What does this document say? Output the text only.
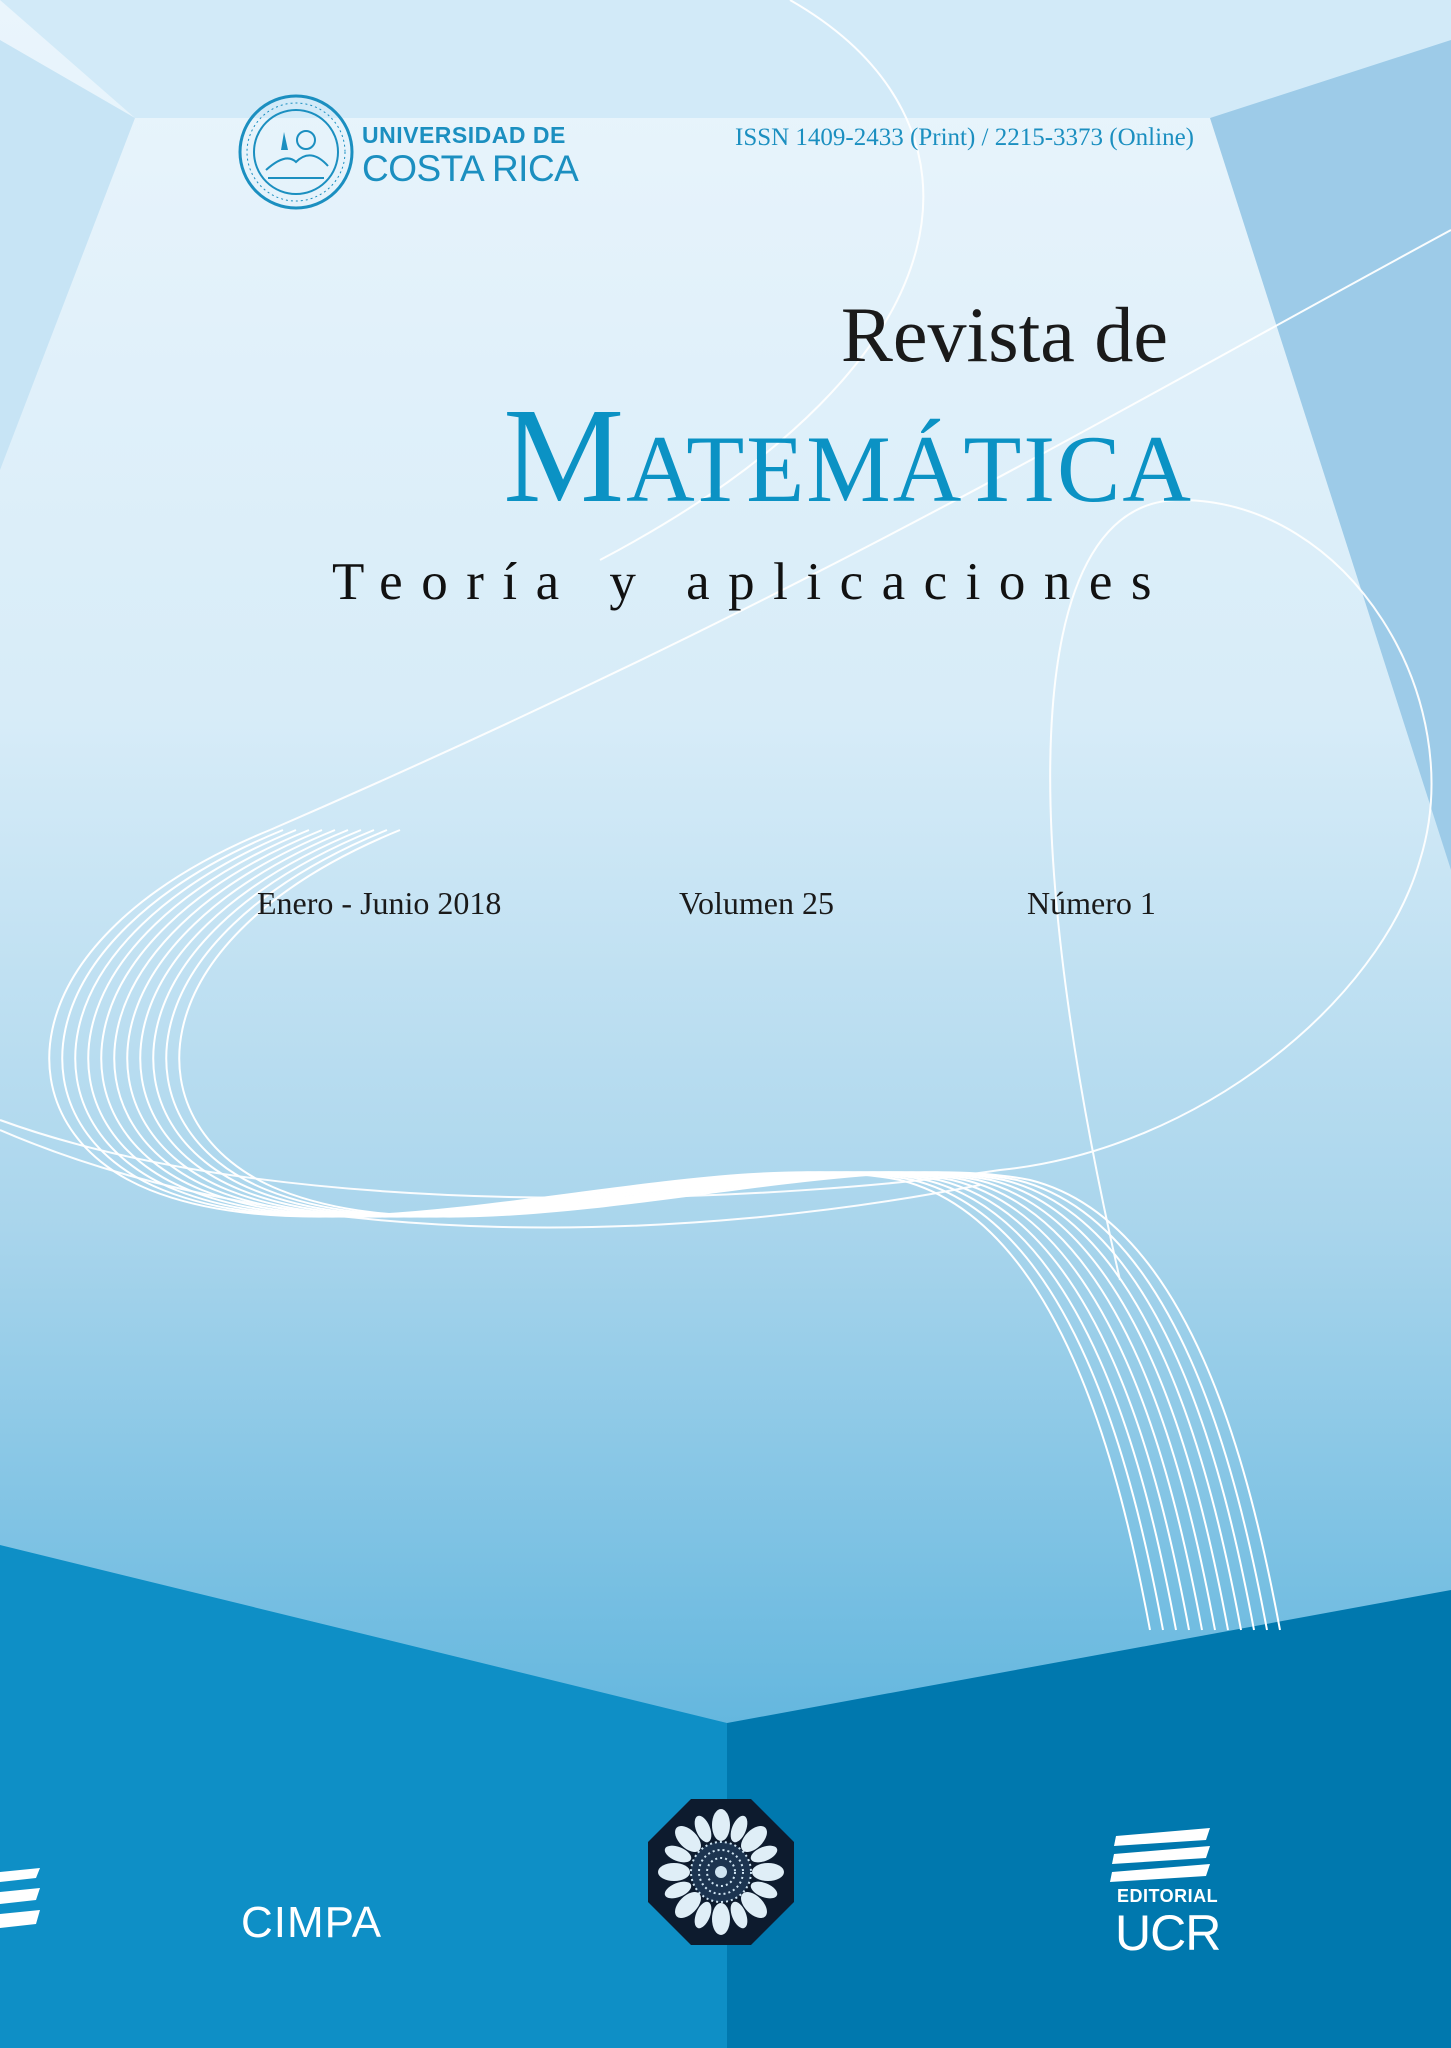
UNIVERSIDAD DE
COSTA RICA
ISSN 1409-2433 (Print) / 2215-3373 (Online)
Revista de
Matemática
Teoría y aplicaciones
Enero - Junio 2018	Volumen 25	Número 1
CIMPA
EDITORIAL
UCR
